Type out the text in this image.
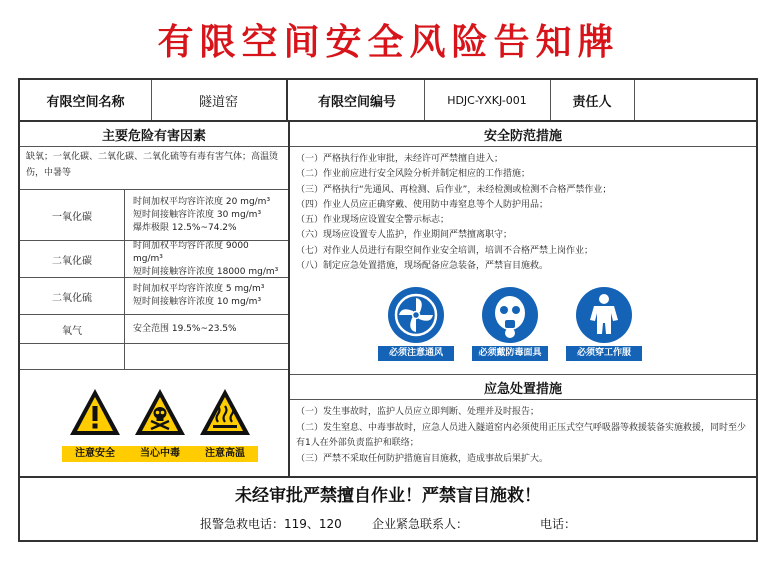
有限空间安全风险告知牌
有限空间名称	隧道窑	有限空间编号	HDJC-YXKJ-001	责任人
主要危险有害因素
缺氧；一氧化碳、二氧化碳、二氧化硫等有毒有害气体；高温烫伤，中暑等
一氧化碳
时间加权平均容许浓度 20 mg/m³
短时间接触容许浓度 30 mg/m³
爆炸极限 12.5%~74.2%
二氧化碳
时间加权平均容许浓度 9000 mg/m³
短时间接触容许浓度 18000 mg/m³
二氧化硫
时间加权平均容许浓度 5 mg/m³
短时间接触容许浓度 10 mg/m³
氧气	安全范围 19.5%~23.5%
注意安全	当心中毒	注意高温
安全防范措施
（一）严格执行作业审批，未经许可严禁擅自进入；
（二）作业前应进行安全风险分析并制定相应的工作措施；
（三）严格执行“先通风、再检测、后作业”，未经检测或检测不合格严禁作业；
（四）作业人员应正确穿戴、使用防中毒窒息等个人防护用品；
（五）作业现场应设置安全警示标志；
（六）现场应设置专人监护，作业期间严禁擅离职守；
（七）对作业人员进行有限空间作业安全培训，培训不合格严禁上岗作业；
（八）制定应急处置措施，现场配备应急装备，严禁盲目施救。
必须注意通风	必须戴防毒面具	必须穿工作服
应急处置措施
（一）发生事故时，监护人员应立即判断、处理并及时报告；
（二）发生窒息、中毒事故时，应急人员进入隧道窑内必须使用正压式空气呼吸器等救援装备实施救援，同时至少有1人在外部负责监护和联络；
（三）严禁不采取任何防护措施盲目施救，造成事故后果扩大。
未经审批严禁擅自作业！严禁盲目施救！
报警急救电话： 119、120	企业紧急联系人：	电话：
